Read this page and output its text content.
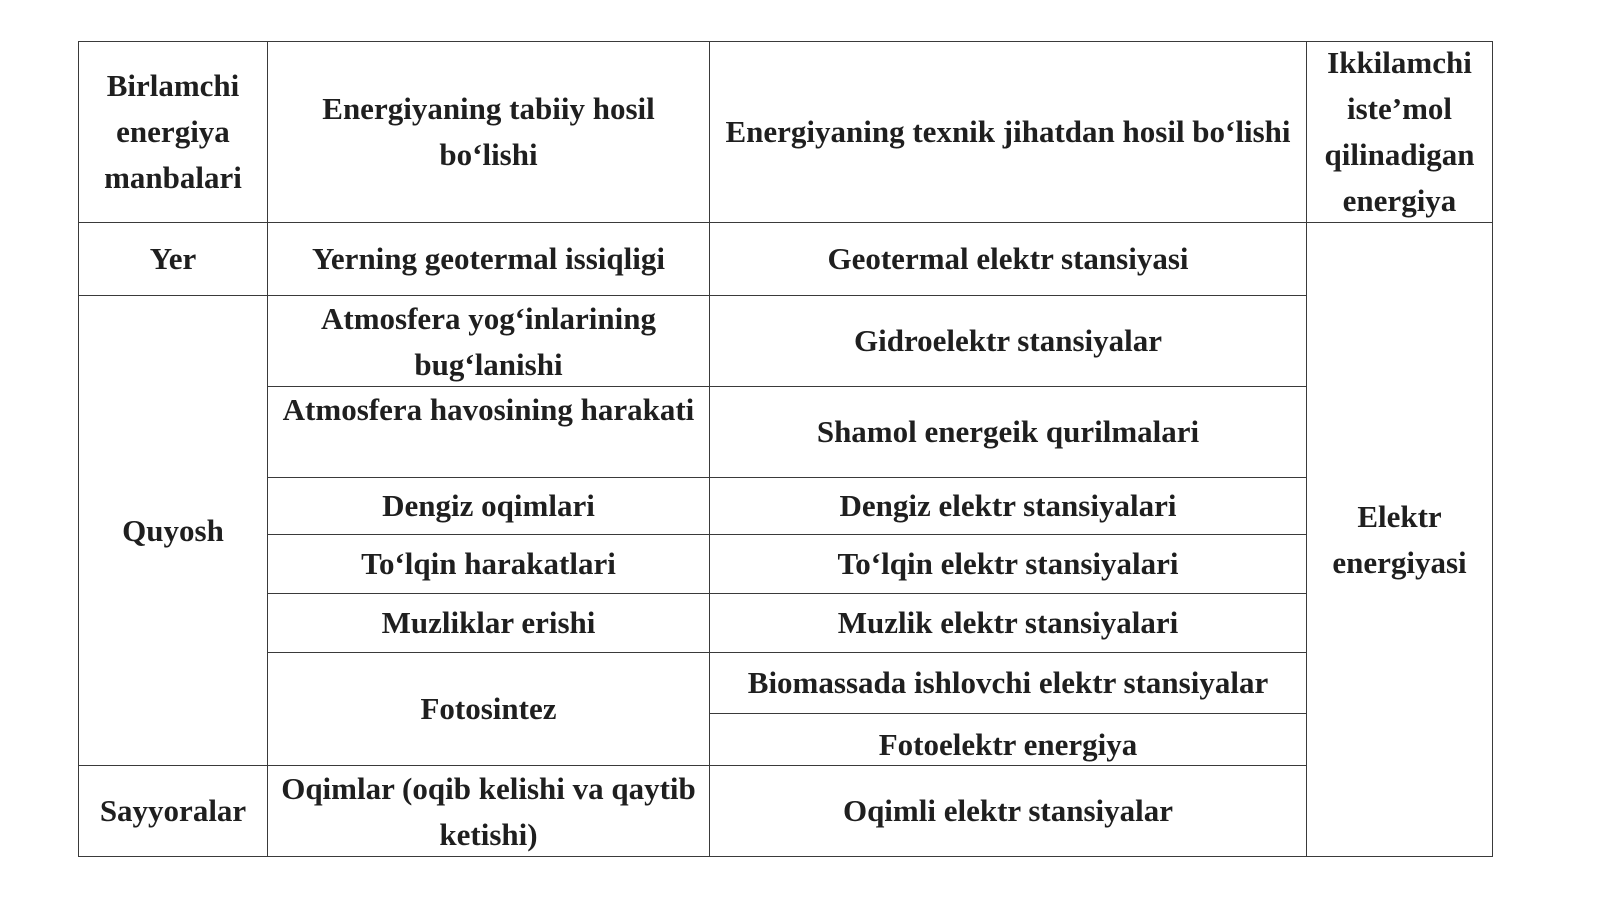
Birlamchi energiya manbalari	Energiyaning tabiiy hosil bo‘lishi	Energiyaning texnik jihatdan hosil bo‘lishi	Ikkilamchi iste’mol qilinadigan energiya

Yer	Yerning geotermal issiqligi	Geotermal elektr stansiyasi	Elektr energiyasi
Quyosh	Atmosfera yog‘inlarining bug‘lanishi	Gidroelektr stansiyalar	

	Atmosfera havosining harakati	Shamol energeik qurilmalari	
	Dengiz oqimlari	Dengiz elektr stansiyalari	
	To‘lqin harakatlari	To‘lqin elektr stansiyalari	
	Muzliklar erishi	Muzlik elektr stansiyalari	
	Fotosintez	Biomassada ishlovchi elektr stansiyalar	

		Fotoelektr energiya	

Sayyoralar	Oqimlar (oqib kelishi va qaytib ketishi)	Oqimli elektr stansiyalar	
